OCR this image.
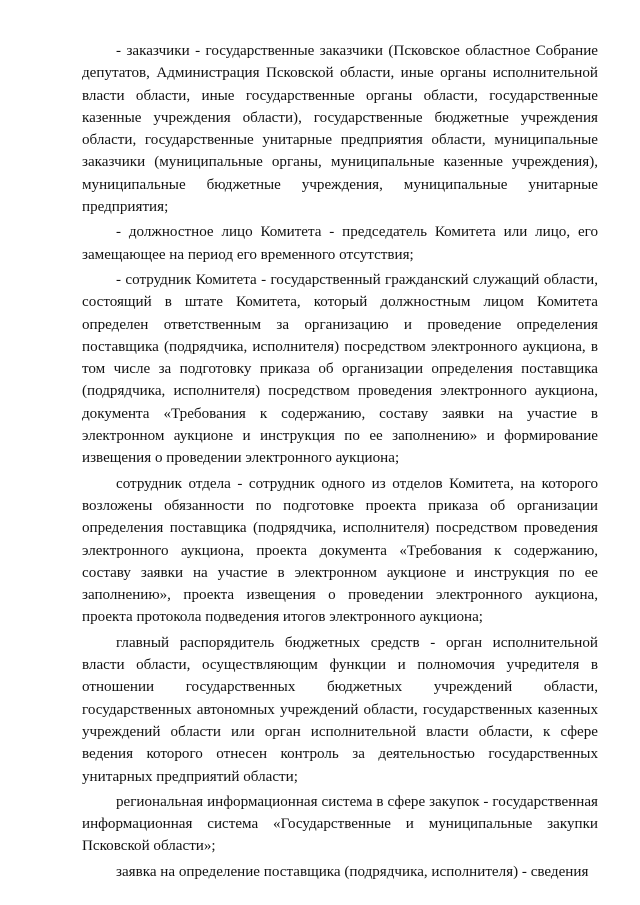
- заказчики - государственные заказчики (Псковское областное Собрание депутатов, Администрация Псковской области, иные органы исполнительной власти области, иные государственные органы области, государственные казенные учреждения области), государственные бюджетные учреждения области, государственные унитарные предприятия области, муниципальные заказчики (муниципальные органы, муниципальные казенные учреждения), муниципальные бюджетные учреждения, муниципальные унитарные предприятия;

- должностное лицо Комитета - председатель Комитета или лицо, его замещающее на период его временного отсутствия;

- сотрудник Комитета - государственный гражданский служащий области, состоящий в штате Комитета, который должностным лицом Комитета определен ответственным за организацию и проведение определения поставщика (подрядчика, исполнителя) посредством электронного аукциона, в том числе за подготовку приказа об организации определения поставщика (подрядчика, исполнителя) посредством проведения электронного аукциона, документа «Требования к содержанию, составу заявки на участие в электронном аукционе и инструкция по ее заполнению» и формирование извещения о проведении электронного аукциона;

сотрудник отдела - сотрудник одного из отделов Комитета, на которого возложены обязанности по подготовке проекта приказа об организации определения поставщика (подрядчика, исполнителя) посредством проведения электронного аукциона, проекта документа «Требования к содержанию, составу заявки на участие в электронном аукционе и инструкция по ее заполнению», проекта извещения о проведении электронного аукциона, проекта протокола подведения итогов электронного аукциона;

главный распорядитель бюджетных средств - орган исполнительной власти области, осуществляющим функции и полномочия учредителя в отношении государственных бюджетных учреждений области, государственных автономных учреждений области, государственных казенных учреждений области или орган исполнительной власти области, к сфере ведения которого отнесен контроль за деятельностью государственных унитарных предприятий области;

региональная информационная система в сфере закупок - государственная информационная система «Государственные и муниципальные закупки Псковской области»;

заявка на определение поставщика (подрядчика, исполнителя) - сведения
